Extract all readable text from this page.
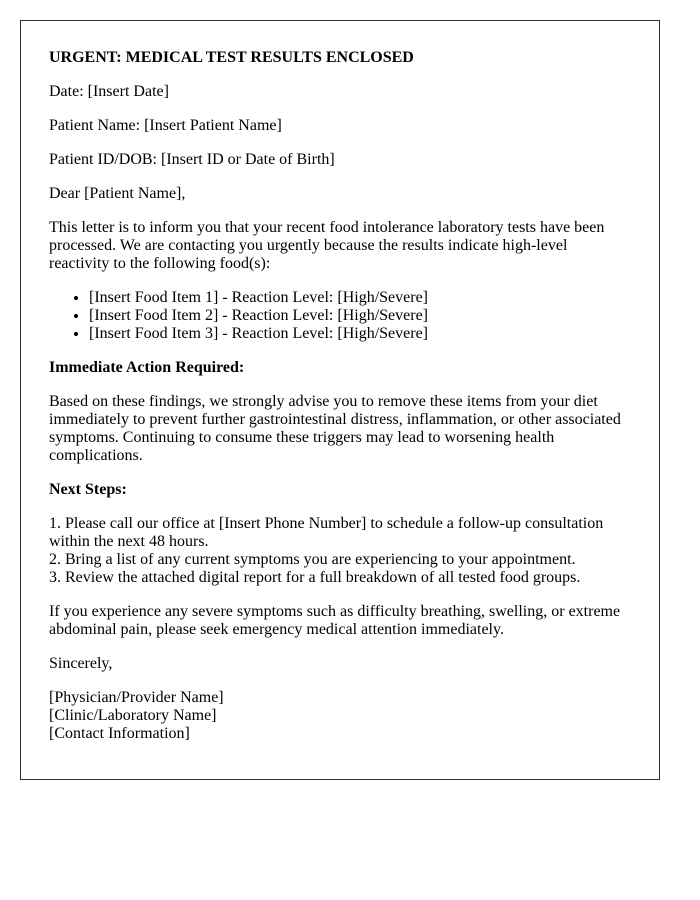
URGENT: MEDICAL TEST RESULTS ENCLOSED

Date: [Insert Date]

Patient Name: [Insert Patient Name]

Patient ID/DOB: [Insert ID or Date of Birth]

Dear [Patient Name],

This letter is to inform you that your recent food intolerance laboratory tests have been processed. We are contacting you urgently because the results indicate high-level reactivity to the following food(s):

• [Insert Food Item 1] - Reaction Level: [High/Severe]
• [Insert Food Item 2] - Reaction Level: [High/Severe]
• [Insert Food Item 3] - Reaction Level: [High/Severe]

Immediate Action Required:

Based on these findings, we strongly advise you to remove these items from your diet immediately to prevent further gastrointestinal distress, inflammation, or other associated symptoms. Continuing to consume these triggers may lead to worsening health complications.

Next Steps:

1. Please call our office at [Insert Phone Number] to schedule a follow-up consultation within the next 48 hours.
2. Bring a list of any current symptoms you are experiencing to your appointment.
3. Review the attached digital report for a full breakdown of all tested food groups.

If you experience any severe symptoms such as difficulty breathing, swelling, or extreme abdominal pain, please seek emergency medical attention immediately.

Sincerely,

[Physician/Provider Name]
[Clinic/Laboratory Name]
[Contact Information]
